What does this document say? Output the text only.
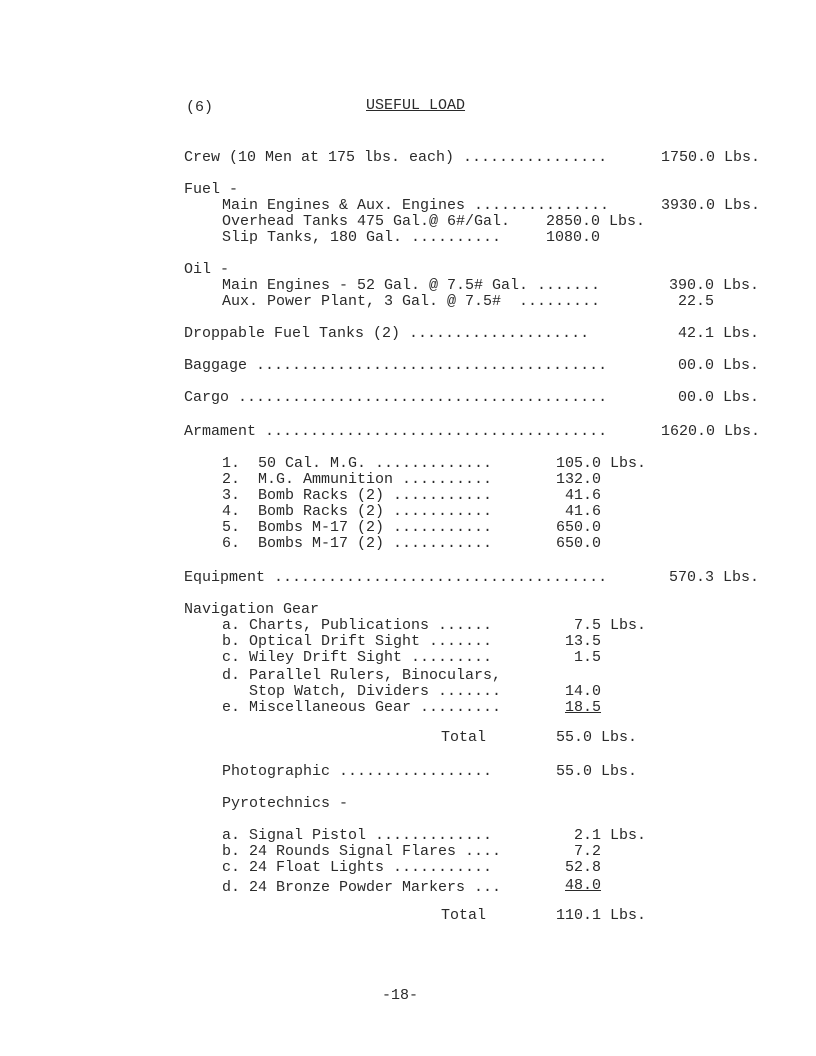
(6)	USEFUL LOAD
Crew (10 Men at 175 lbs. each) ................	1750.0 Lbs.
Fuel -
Main Engines & Aux. Engines ...............	3930.0 Lbs.
Overhead Tanks 475 Gal.@ 6#/Gal. 2850.0 Lbs.
Slip Tanks, 180 Gal. ..........	1080.0
Oil -
Main Engines - 52 Gal. @ 7.5# Gal. .......	390.0 Lbs.
Aux. Power Plant, 3 Gal. @ 7.5#  .........	22.5
Droppable Fuel Tanks (2) ....................	42.1 Lbs.
Baggage .......................................	00.0 Lbs.
Cargo .........................................	00.0 Lbs.
Armament ......................................	1620.0 Lbs.
1.  50 Cal. M.G. .............	105.0 Lbs.
2.  M.G. Ammunition ..........	132.0
3.  Bomb Racks (2) ...........	41.6
4.  Bomb Racks (2) ...........	41.6
5.  Bombs M-17 (2) ...........	650.0
6.  Bombs M-17 (2) ...........	650.0
Equipment .....................................	570.3 Lbs.
Navigation Gear
a. Charts, Publications ......	7.5 Lbs.
b. Optical Drift Sight .......	13.5
c. Wiley Drift Sight .........	1.5
d. Parallel Rulers, Binoculars,
Stop Watch, Dividers .......	14.0
e. Miscellaneous Gear .........	18.5
Total	55.0 Lbs.
Photographic .................	55.0 Lbs.
Pyrotechnics -
a. Signal Pistol .............	2.1 Lbs.
b. 24 Rounds Signal Flares ....	7.2
c. 24 Float Lights ...........	52.8
d. 24 Bronze Powder Markers ...	48.0
Total	110.1 Lbs.
-18-
